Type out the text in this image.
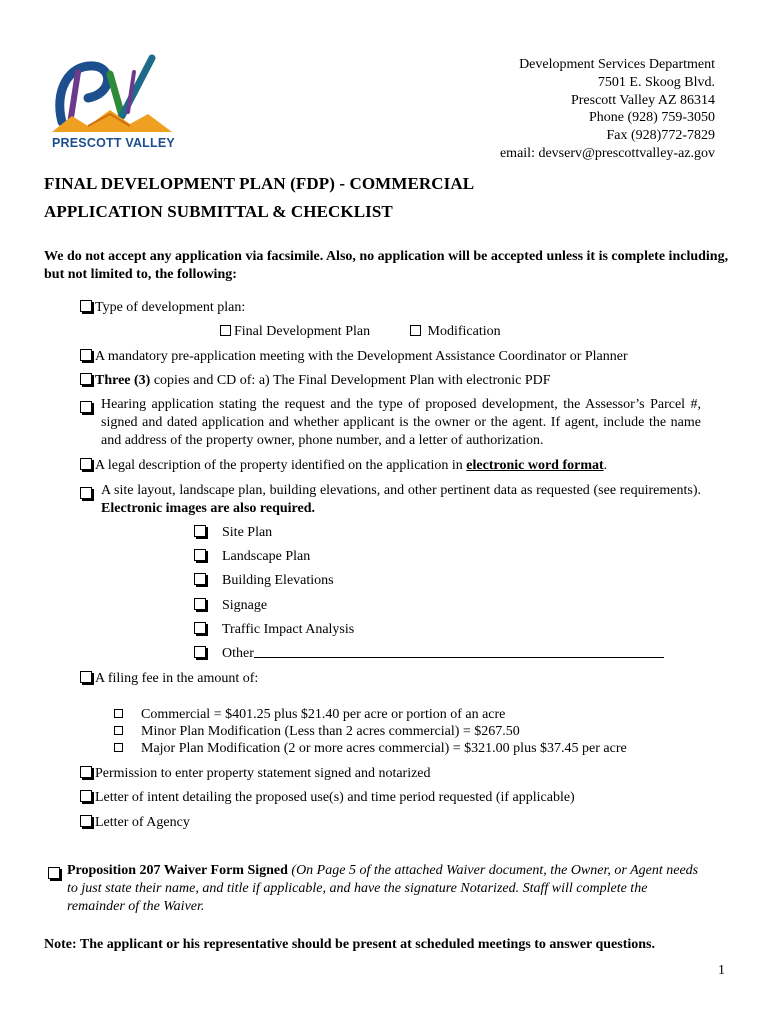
PRESCOTT VALLEY
Development Services Department
7501 E. Skoog Blvd.
Prescott Valley AZ 86314
Phone (928) 759-3050
Fax (928)772-7829
email: devserv@prescottvalley-az.gov
FINAL DEVELOPMENT PLAN (FDP) - COMMERCIAL
APPLICATION SUBMITTAL & CHECKLIST
We do not accept any application via facsimile. Also, no application will be accepted unless it is complete including, but not limited to, the following:
Type of development plan:
Final Development Plan	Modification
A mandatory pre-application meeting with the Development Assistance Coordinator or Planner
Three (3) copies and CD of: a) The Final Development Plan with electronic PDF
Hearing application stating the request and the type of proposed development, the Assessor’s Parcel #, signed and dated application and whether applicant is the owner or the agent. If agent, include the name and address of the property owner, phone number, and a letter of authorization.
A legal description of the property identified on the application in electronic word format.
A site layout, landscape plan, building elevations, and other pertinent data as requested (see requirements). Electronic images are also required.
Site Plan
Landscape Plan
Building Elevations
Signage
Traffic Impact Analysis
Other
A filing fee in the amount of:
Commercial = $401.25 plus $21.40 per acre or portion of an acre
Minor Plan Modification (Less than 2 acres commercial) = $267.50
Major Plan Modification (2 or more acres commercial) = $321.00 plus $37.45 per acre
Permission to enter property statement signed and notarized
Letter of intent detailing the proposed use(s) and time period requested (if applicable)
Letter of Agency
Proposition 207 Waiver Form Signed (On Page 5 of the attached Waiver document, the Owner, or Agent needs to just state their name, and title if applicable, and have the signature Notarized. Staff will complete the remainder of the Waiver.
Note: The applicant or his representative should be present at scheduled meetings to answer questions.
1
